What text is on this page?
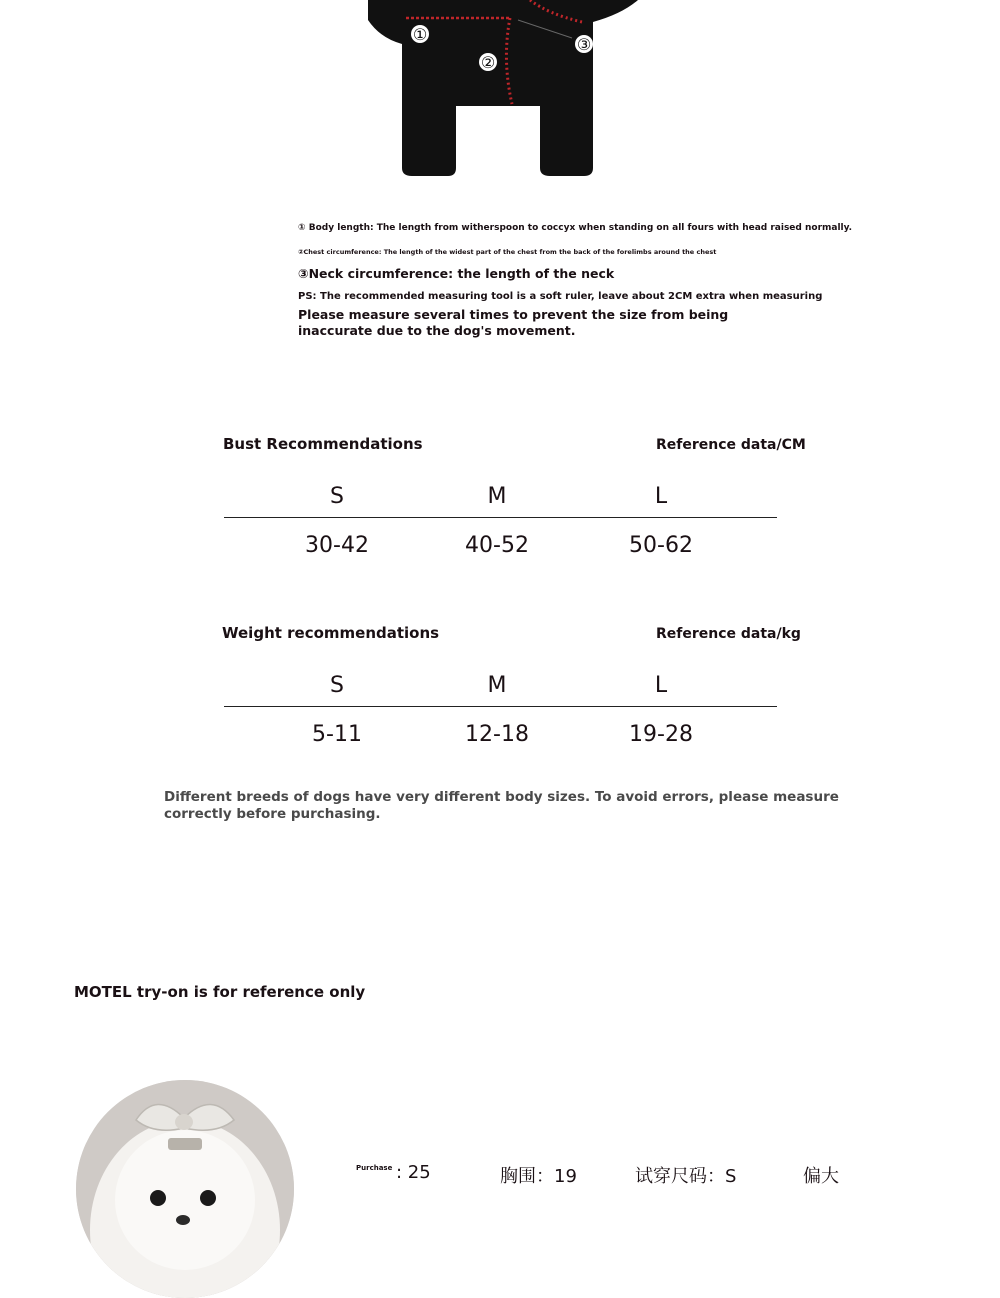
①
②
③
① Body length: The length from witherspoon to coccyx when standing on all fours with head raised normally.
②Chest circumference: The length of the widest part of the chest from the back of the forelimbs around the chest
③Neck circumference: the length of the neck
PS: The recommended measuring tool is a soft ruler, leave about 2CM extra when measuring
Please measure several times to prevent the size from being inaccurate due to the dog's movement.
Bust Recommendations	Reference data/CM
S	M	L
30-42	40-52	50-62
Weight recommendations	Reference data/kg
S	M	L
5-11	12-18	19-28
Different breeds of dogs have very different body sizes. To avoid errors, please measure correctly before purchasing.
MOTEL try-on is for reference only
Purchase : 25	胸围：19	试穿尺码：S	偏大
